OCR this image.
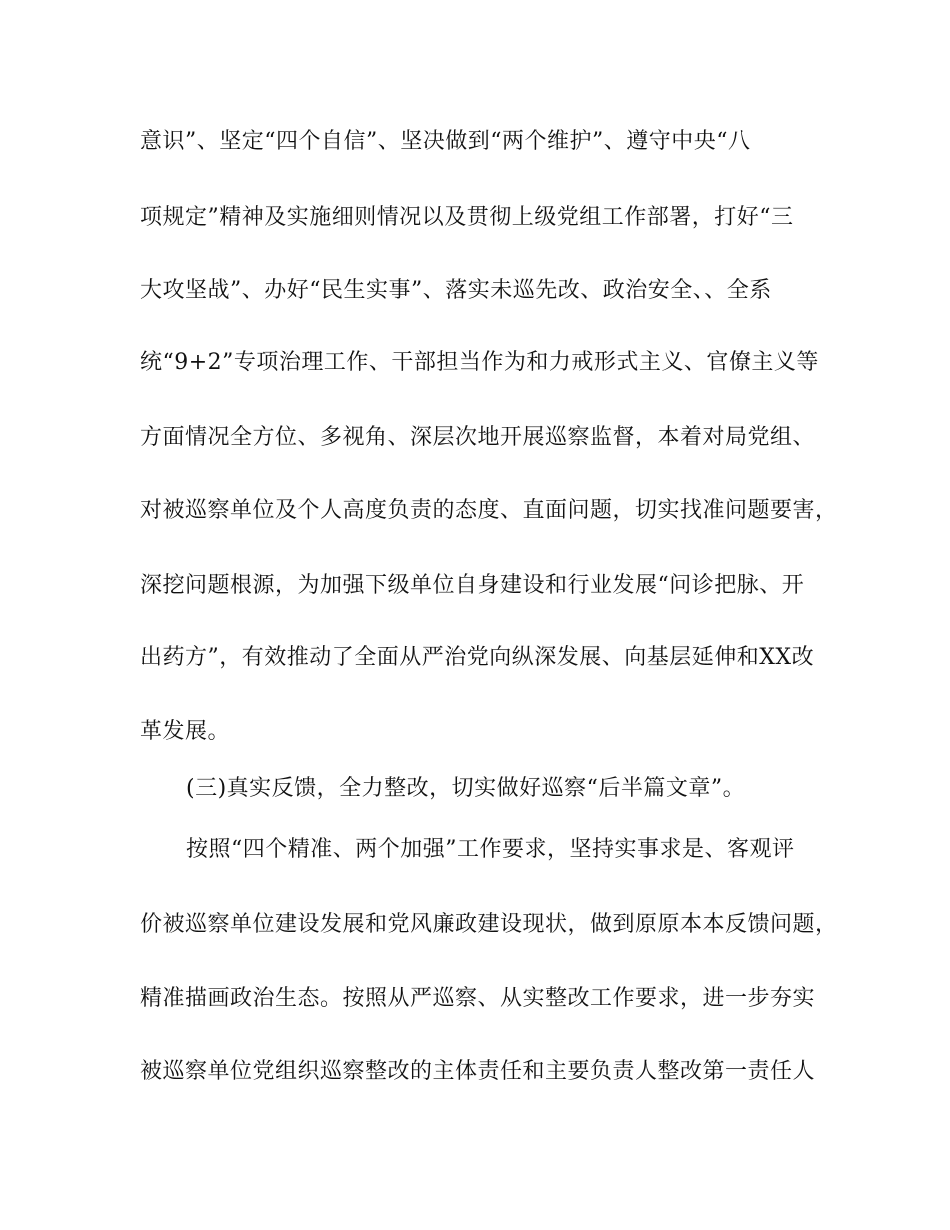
意识”、坚定“四个自信”、坚决做到“两个维护”、遵守中央“八
项规定”精神及实施细则情况以及贯彻上级党组工作部署，打好“三
大攻坚战”、办好“民生实事”、落实未巡先改、政治安全、、全系
统“9+2”专项治理工作、干部担当作为和力戒形式主义、官僚主义等
方面情况全方位、多视角、深层次地开展巡察监督，本着对局党组、
对被巡察单位及个人高度负责的态度、直面问题，切实找准问题要害，
深挖问题根源，为加强下级单位自身建设和行业发展“问诊把脉、开
出药方”，有效推动了全面从严治党向纵深发展、向基层延伸和XX改
革发展。
(三)真实反馈，全力整改，切实做好巡察“后半篇文章”。
按照“四个精准、两个加强”工作要求，坚持实事求是、客观评
价被巡察单位建设发展和党风廉政建设现状，做到原原本本反馈问题，
精准描画政治生态。按照从严巡察、从实整改工作要求，进一步夯实
被巡察单位党组织巡察整改的主体责任和主要负责人整改第一责任人
